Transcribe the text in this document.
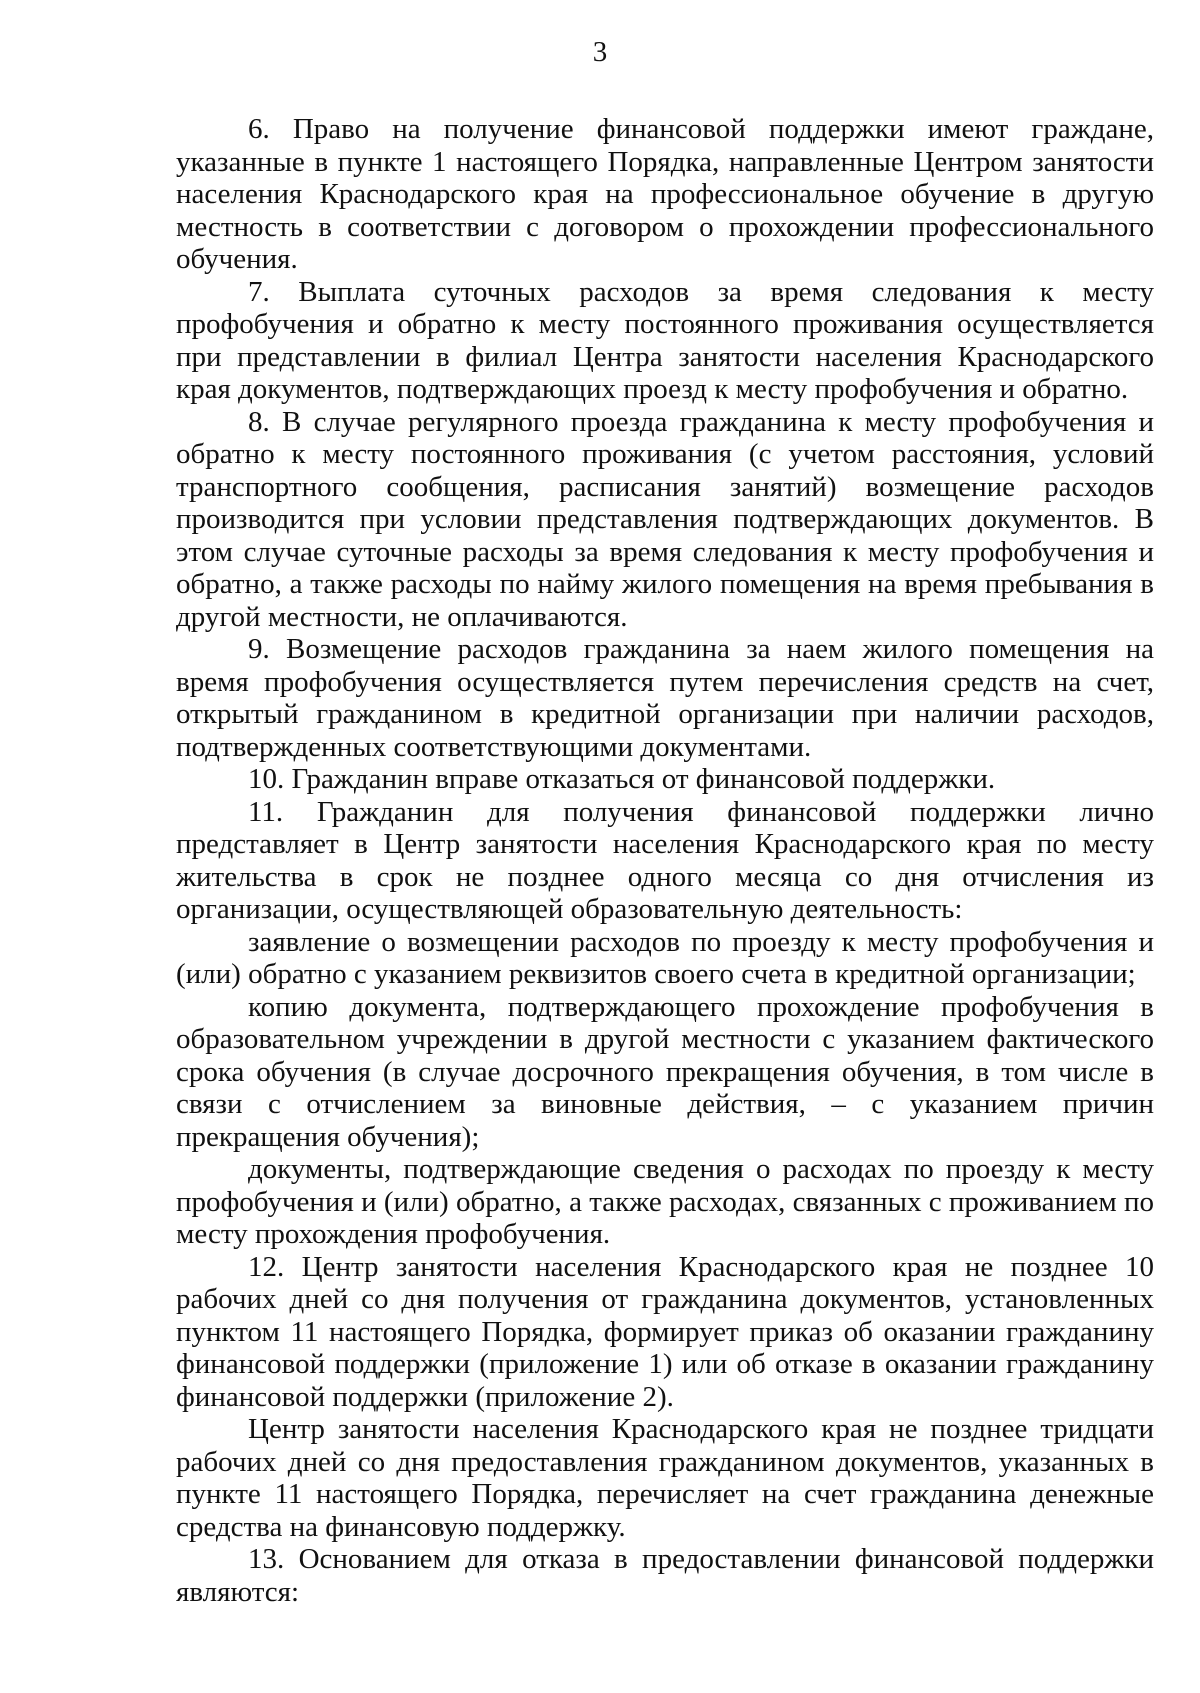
3

6. Право на получение финансовой поддержки имеют граждане, указанные в пункте 1 настоящего Порядка, направленные Центром занятости населения Краснодарского края на профессиональное обучение в другую местность в соответствии с договором о прохождении профессионального обучения.

7. Выплата суточных расходов за время следования к месту профобучения и обратно к месту постоянного проживания осуществляется при представлении в филиал Центра занятости населения Краснодарского края документов, подтверждающих проезд к месту профобучения и обратно.

8. В случае регулярного проезда гражданина к месту профобучения и обратно к месту постоянного проживания (с учетом расстояния, условий транспортного сообщения, расписания занятий) возмещение расходов производится при условии представления подтверждающих документов. В этом случае суточные расходы за время следования к месту профобучения и обратно, а также расходы по найму жилого помещения на время пребывания в другой местности, не оплачиваются.

9. Возмещение расходов гражданина за наем жилого помещения на время профобучения осуществляется путем перечисления средств на счет, открытый гражданином в кредитной организации при наличии расходов, подтвержденных соответствующими документами.

10. Гражданин вправе отказаться от финансовой поддержки.

11. Гражданин для получения финансовой поддержки лично представляет в Центр занятости населения Краснодарского края по месту жительства в срок не позднее одного месяца со дня отчисления из организации, осуществляющей образовательную деятельность:

заявление о возмещении расходов по проезду к месту профобучения и (или) обратно с указанием реквизитов своего счета в кредитной организации;

копию документа, подтверждающего прохождение профобучения в образовательном учреждении в другой местности с указанием фактического срока обучения (в случае досрочного прекращения обучения, в том числе в связи с отчислением за виновные действия, – с указанием причин прекращения обучения);

документы, подтверждающие сведения о расходах по проезду к месту профобучения и (или) обратно, а также расходах, связанных с проживанием по месту прохождения профобучения.

12. Центр занятости населения Краснодарского края не позднее 10 рабочих дней со дня получения от гражданина документов, установленных пунктом 11 настоящего Порядка, формирует приказ об оказании гражданину финансовой поддержки (приложение 1) или об отказе в оказании гражданину финансовой поддержки (приложение 2).

Центр занятости населения Краснодарского края не позднее тридцати рабочих дней со дня предоставления гражданином документов, указанных в пункте 11 настоящего Порядка, перечисляет на счет гражданина денежные средства на финансовую поддержку.

13. Основанием для отказа в предоставлении финансовой поддержки являются:
